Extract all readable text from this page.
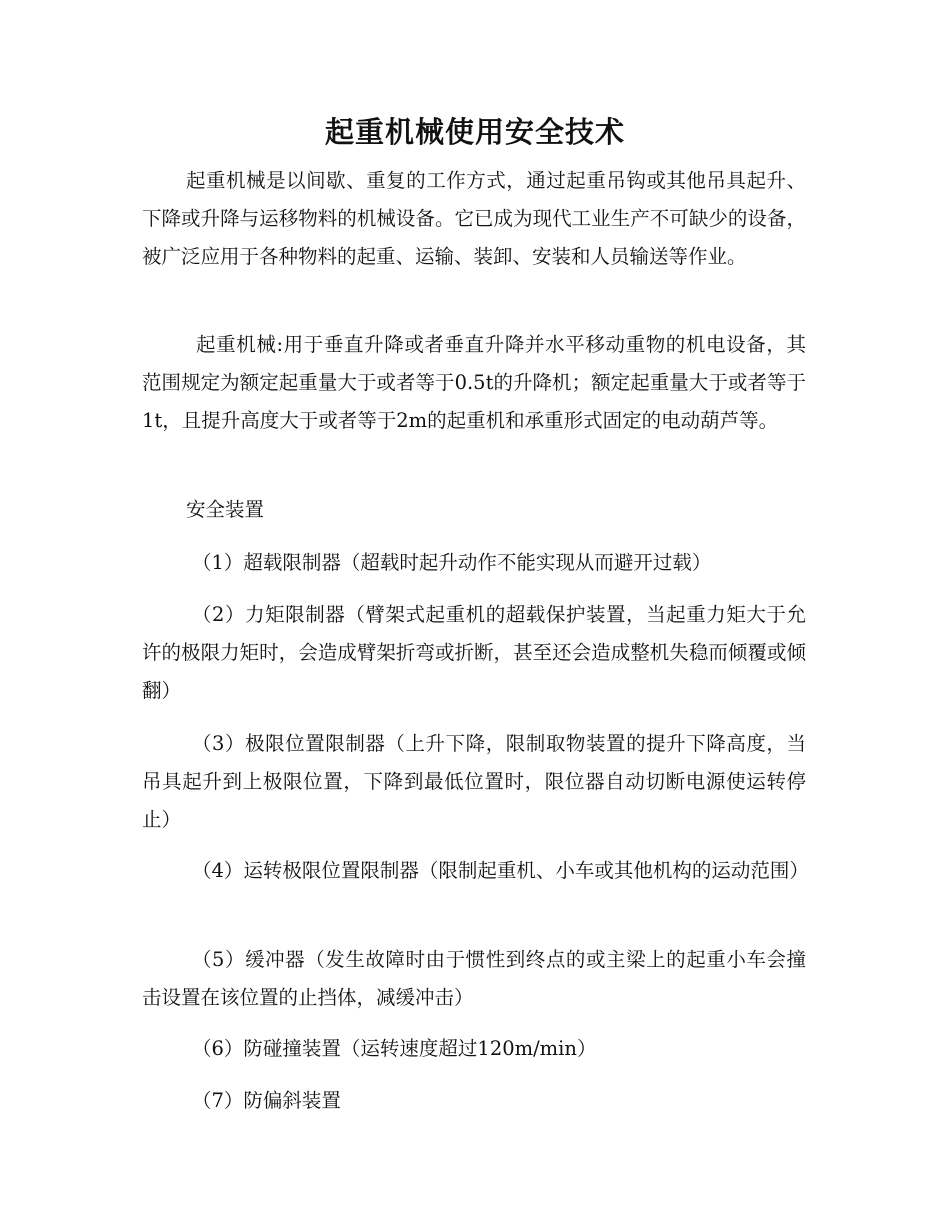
起重机械使用安全技术

起重机械是以间歇、重复的工作方式，通过起重吊钩或其他吊具起升、下降或升降与运移物料的机械设备。它已成为现代工业生产不可缺少的设备，被广泛应用于各种物料的起重、运输、装卸、安装和人员输送等作业。

起重机械:用于垂直升降或者垂直升降并水平移动重物的机电设备，其范围规定为额定起重量大于或者等于0.5t的升降机；额定起重量大于或者等于1t，且提升高度大于或者等于2m的起重机和承重形式固定的电动葫芦等。

安全装置

（1）超载限制器（超载时起升动作不能实现从而避开过载）

（2）力矩限制器（臂架式起重机的超载保护装置，当起重力矩大于允许的极限力矩时，会造成臂架折弯或折断，甚至还会造成整机失稳而倾覆或倾翻）

（3）极限位置限制器（上升下降，限制取物装置的提升下降高度，当吊具起升到上极限位置，下降到最低位置时，限位器自动切断电源使运转停止）

（4）运转极限位置限制器（限制起重机、小车或其他机构的运动范围）

（5）缓冲器（发生故障时由于惯性到终点的或主梁上的起重小车会撞击设置在该位置的止挡体，减缓冲击）

（6）防碰撞装置（运转速度超过120m/min）

（7）防偏斜装置
